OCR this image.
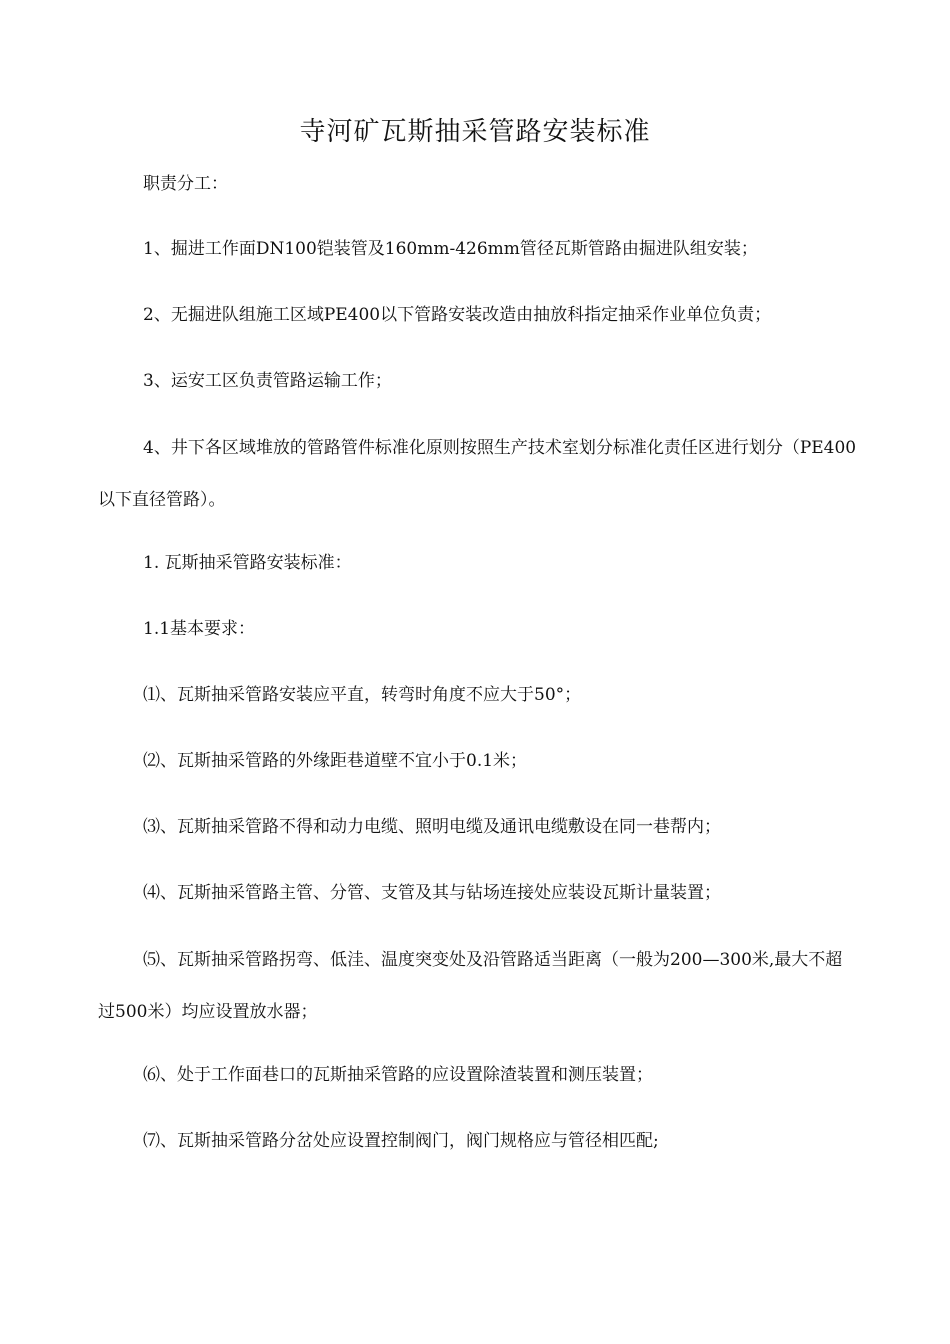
寺河矿瓦斯抽采管路安装标准
职责分工：
1、掘进工作面DN100铠装管及160mm-426mm管径瓦斯管路由掘进队组安装；
2、无掘进队组施工区域PE400以下管路安装改造由抽放科指定抽采作业单位负责；
3、运安工区负责管路运输工作；
4、井下各区域堆放的管路管件标准化原则按照生产技术室划分标准化责任区进行划分（PE400以下直径管路）。
1. 瓦斯抽采管路安装标准：
1.1基本要求：
⑴、瓦斯抽采管路安装应平直，转弯时角度不应大于50°；
⑵、瓦斯抽采管路的外缘距巷道壁不宜小于0.1米；
⑶、瓦斯抽采管路不得和动力电缆、照明电缆及通讯电缆敷设在同一巷帮内；
⑷、瓦斯抽采管路主管、分管、支管及其与钻场连接处应装设瓦斯计量装置；
⑸、瓦斯抽采管路拐弯、低洼、温度突变处及沿管路适当距离（一般为200—300米,最大不超过500米）均应设置放水器；
⑹、处于工作面巷口的瓦斯抽采管路的应设置除渣装置和测压装置；
⑺、瓦斯抽采管路分岔处应设置控制阀门，阀门规格应与管径相匹配;
